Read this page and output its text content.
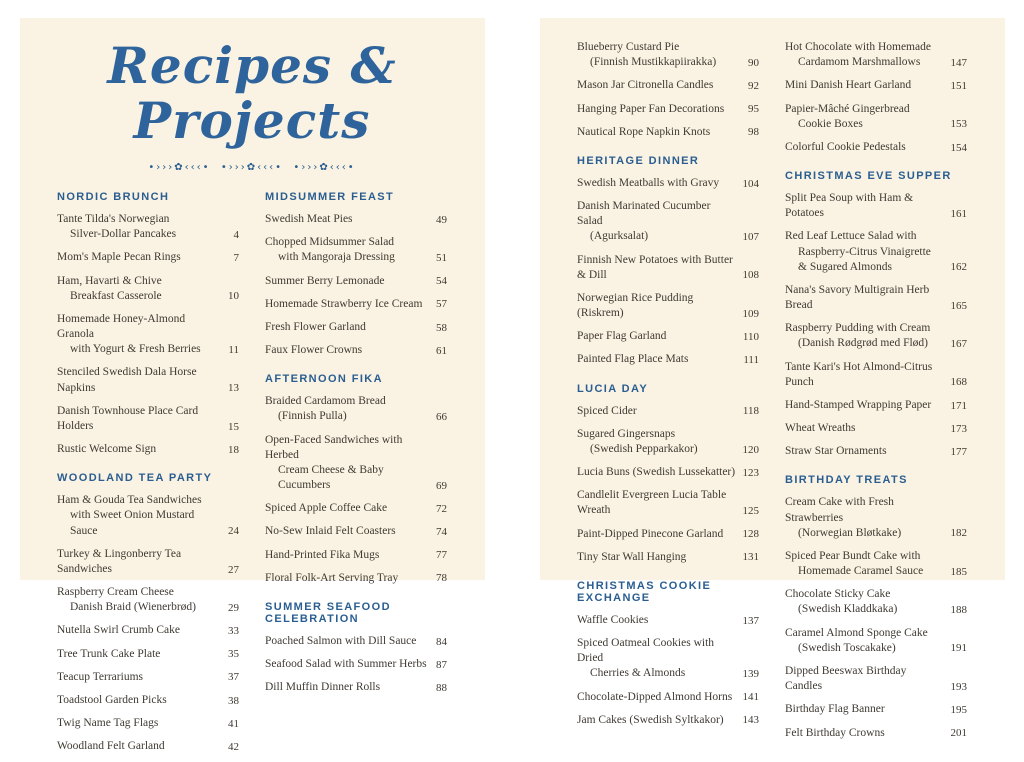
Recipes & Projects
•›››✿‹‹‹•  •›››✿‹‹‹•  •›››✿‹‹‹•
NORDIC BRUNCH
Tante Tilda's Norwegian
Silver-Dollar Pancakes	4
Mom's Maple Pecan Rings	7
Ham, Havarti & Chive
Breakfast Casserole	10
Homemade Honey-Almond Granola
with Yogurt & Fresh Berries	11
Stenciled Swedish Dala Horse Napkins	13
Danish Townhouse Place Card Holders	15
Rustic Welcome Sign	18
WOODLAND TEA PARTY
Ham & Gouda Tea Sandwiches
with Sweet Onion Mustard Sauce	24
Turkey & Lingonberry Tea Sandwiches	27
Raspberry Cream Cheese
Danish Braid (Wienerbrød)	29
Nutella Swirl Crumb Cake	33
Tree Trunk Cake Plate	35
Teacup Terrariums	37
Toadstool Garden Picks	38
Twig Name Tag Flags	41
Woodland Felt Garland	42
MIDSUMMER FEAST
Swedish Meat Pies	49
Chopped Midsummer Salad
with Mangoraja Dressing	51
Summer Berry Lemonade	54
Homemade Strawberry Ice Cream	57
Fresh Flower Garland	58
Faux Flower Crowns	61
AFTERNOON FIKA
Braided Cardamom Bread
(Finnish Pulla)	66
Open-Faced Sandwiches with Herbed
Cream Cheese & Baby Cucumbers	69
Spiced Apple Coffee Cake	72
No-Sew Inlaid Felt Coasters	74
Hand-Printed Fika Mugs	77
Floral Folk-Art Serving Tray	78
SUMMER SEAFOOD CELEBRATION
Poached Salmon with Dill Sauce	84
Seafood Salad with Summer Herbs 87
Dill Muffin Dinner Rolls	88
Blueberry Custard Pie
(Finnish Mustikkapiirakka)	90
Mason Jar Citronella Candles	92
Hanging Paper Fan Decorations	95
Nautical Rope Napkin Knots	98
HERITAGE DINNER
Swedish Meatballs with Gravy	104
Danish Marinated Cucumber Salad
(Agurksalat)	107
Finnish New Potatoes with Butter & Dill	108
Norwegian Rice Pudding (Riskrem)	109
Paper Flag Garland	110
Painted Flag Place Mats	111
LUCIA DAY
Spiced Cider	118
Sugared Gingersnaps
(Swedish Pepparkakor)	120
Lucia Buns (Swedish Lussekatter) 123
Candlelit Evergreen Lucia Table Wreath	125
Paint-Dipped Pinecone Garland	128
Tiny Star Wall Hanging	131
CHRISTMAS COOKIE EXCHANGE
Waffle Cookies	137
Spiced Oatmeal Cookies with Dried
Cherries & Almonds	139
Chocolate-Dipped Almond Horns 141
Jam Cakes (Swedish Syltkakor)	143
Hot Chocolate with Homemade
Cardamom Marshmallows	147
Mini Danish Heart Garland	151
Papier-Mâché Gingerbread
Cookie Boxes	153
Colorful Cookie Pedestals	154
CHRISTMAS EVE SUPPER
Split Pea Soup with Ham & Potatoes	161
Red Leaf Lettuce Salad with
Raspberry-Citrus Vinaigrette
& Sugared Almonds	162
Nana's Savory Multigrain Herb Bread	165
Raspberry Pudding with Cream
(Danish Rødgrød med Flød)	167
Tante Kari's Hot Almond-Citrus Punch	168
Hand-Stamped Wrapping Paper	171
Wheat Wreaths	173
Straw Star Ornaments	177
BIRTHDAY TREATS
Cream Cake with Fresh Strawberries
(Norwegian Bløtkake)	182
Spiced Pear Bundt Cake with
Homemade Caramel Sauce	185
Chocolate Sticky Cake
(Swedish Kladdkaka)	188
Caramel Almond Sponge Cake
(Swedish Toscakake)	191
Dipped Beeswax Birthday Candles	193
Birthday Flag Banner	195
Felt Birthday Crowns	201
